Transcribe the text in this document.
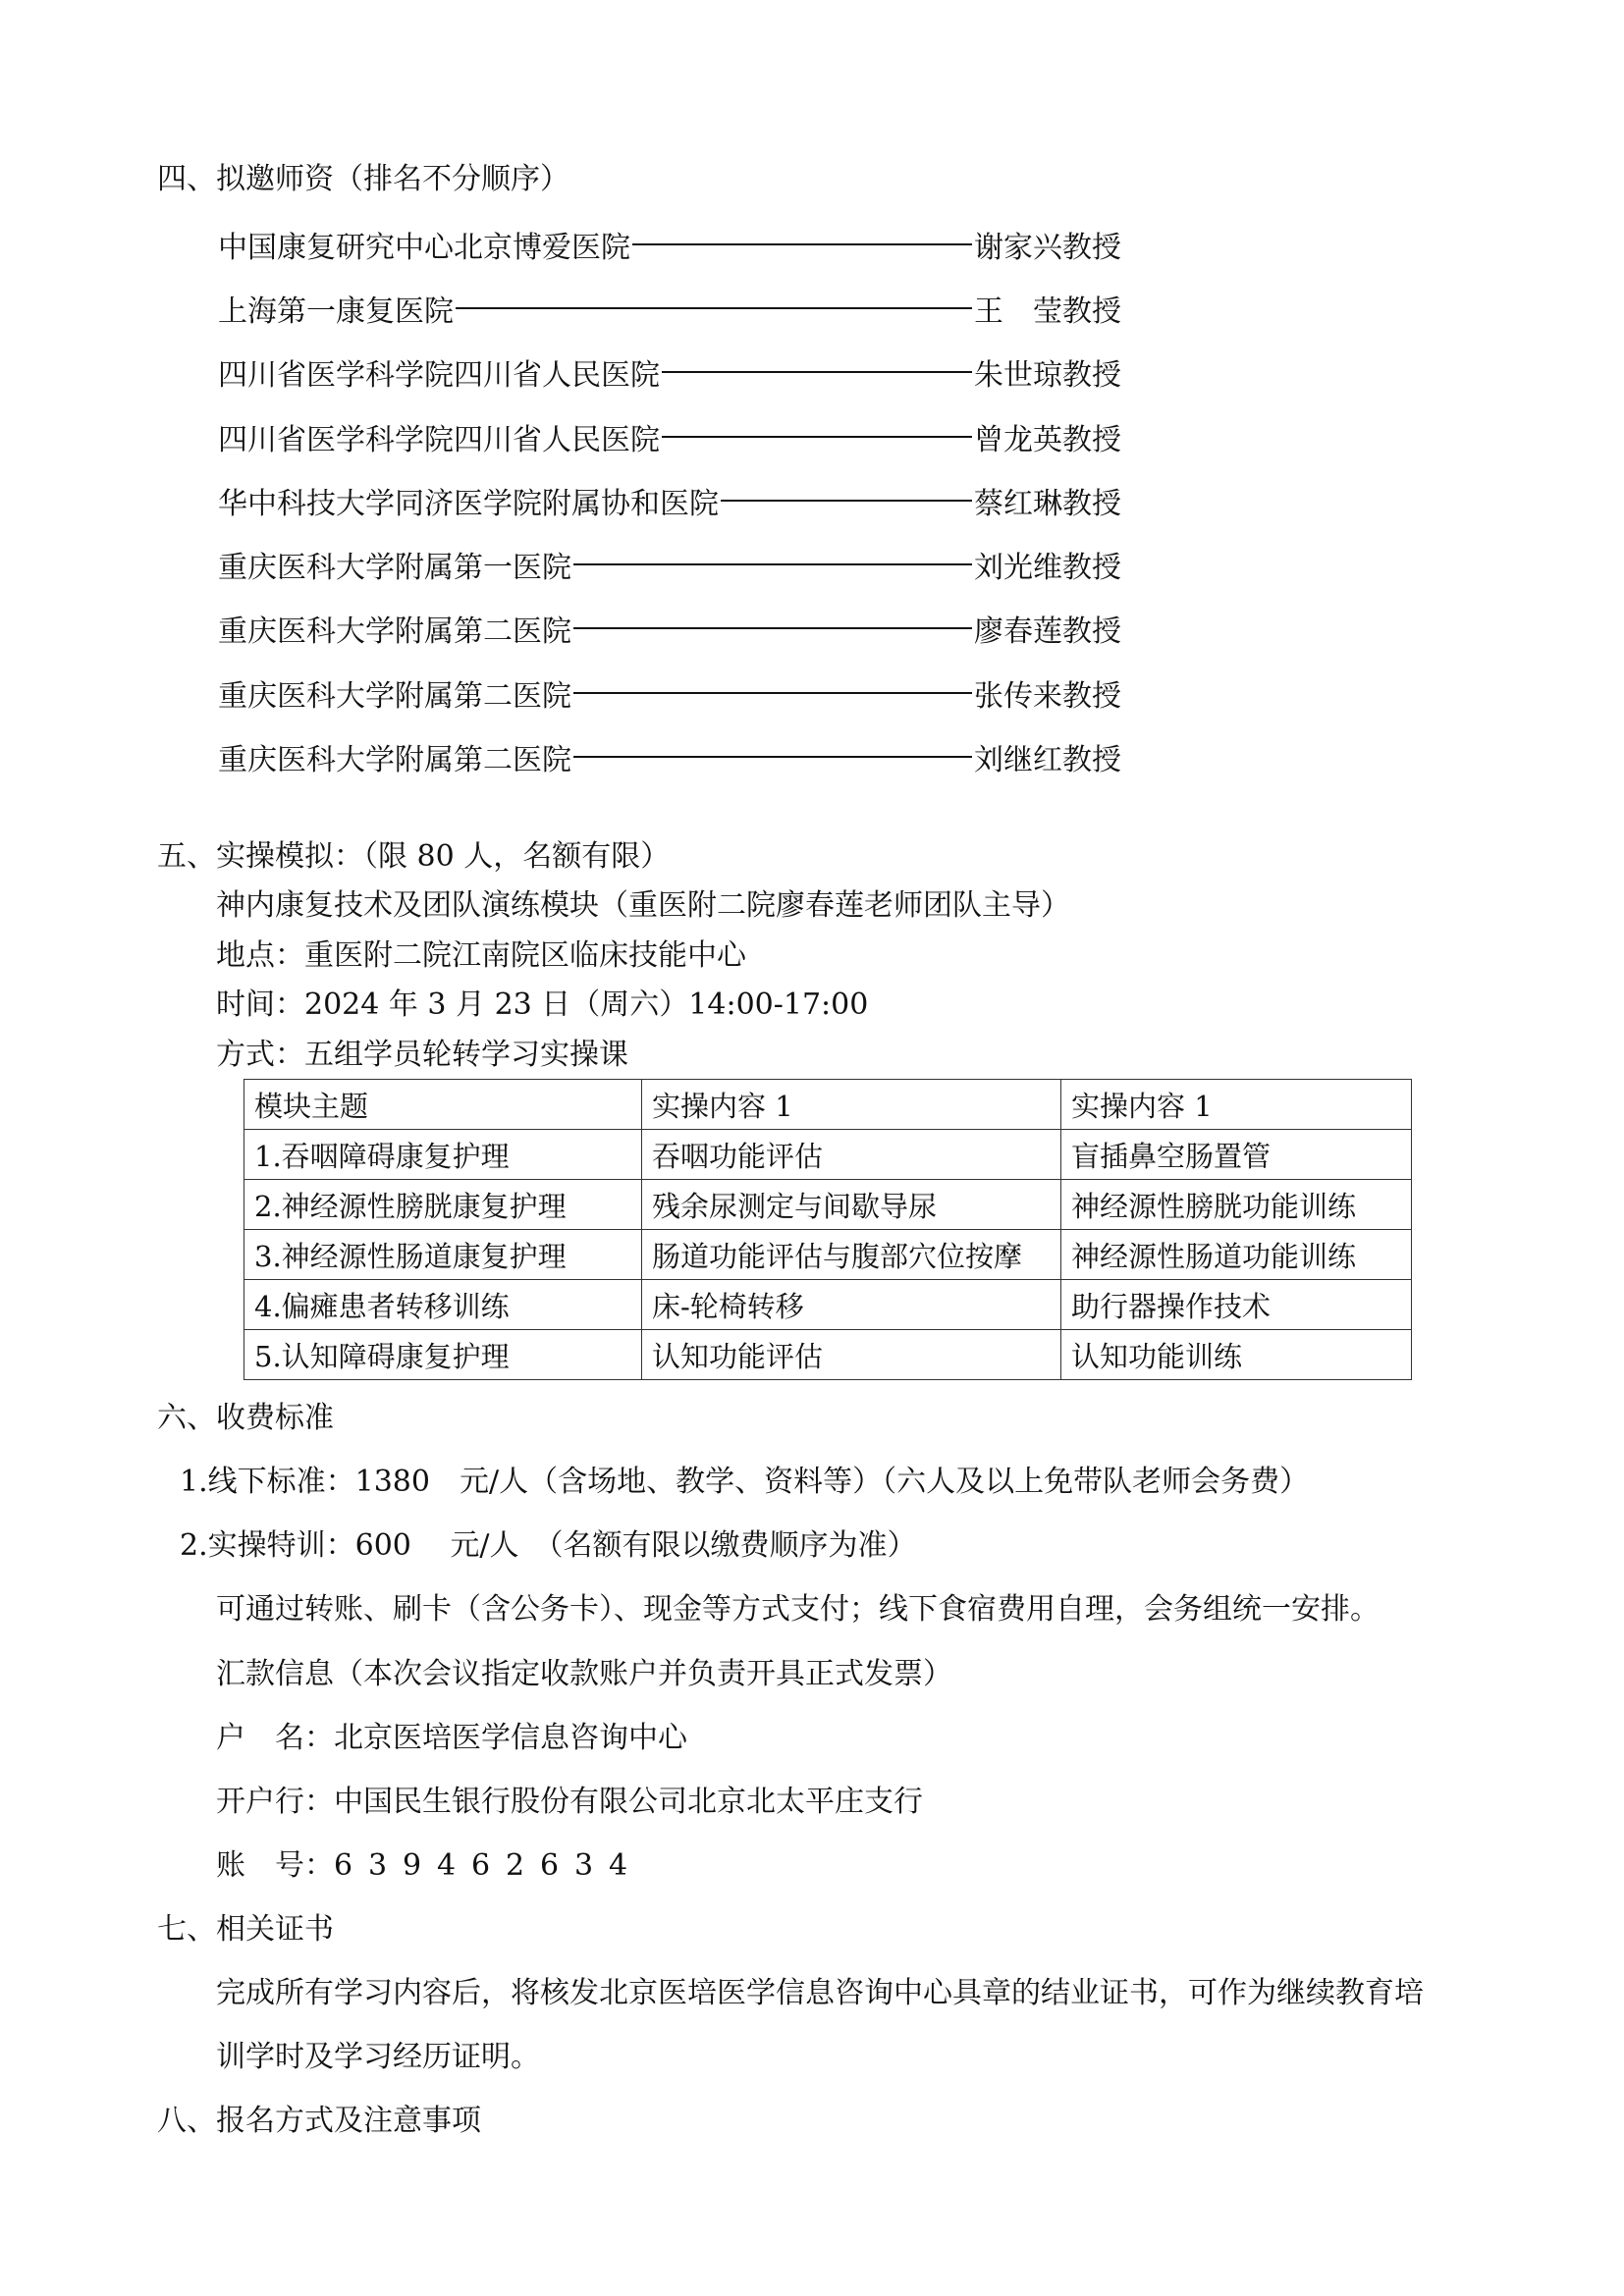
四、拟邀师资（排名不分顺序）
中国康复研究中心北京博爱医院	谢家兴教授
上海第一康复医院	王　莹教授
四川省医学科学院四川省人民医院	朱世琼教授
四川省医学科学院四川省人民医院	曾龙英教授
华中科技大学同济医学院附属协和医院	蔡红琳教授
重庆医科大学附属第一医院	刘光维教授
重庆医科大学附属第二医院	廖春莲教授
重庆医科大学附属第二医院	张传来教授
重庆医科大学附属第二医院	刘继红教授
五、实操模拟：（限 80 人，名额有限）
神内康复技术及团队演练模块（重医附二院廖春莲老师团队主导）
地点：重医附二院江南院区临床技能中心
时间：2024 年 3 月 23 日（周六）14:00-17:00
方式：五组学员轮转学习实操课
模块主题	实操内容 1	实操内容 1
1.吞咽障碍康复护理	吞咽功能评估	盲插鼻空肠置管
2.神经源性膀胱康复护理	残余尿测定与间歇导尿	神经源性膀胱功能训练
3.神经源性肠道康复护理	肠道功能评估与腹部穴位按摩	神经源性肠道功能训练
4.偏瘫患者转移训练	床-轮椅转移	助行器操作技术
5.认知障碍康复护理	认知功能评估	认知功能训练
六、收费标准
1.线下标准：1380　元/人（含场地、教学、资料等）（六人及以上免带队老师会务费）
2.实操特训：600　 元/人　（名额有限以缴费顺序为准）
可通过转账、刷卡（含公务卡）、现金等方式支付；线下食宿费用自理，会务组统一安排。
汇款信息（本次会议指定收款账户并负责开具正式发票）
户　名：北京医培医学信息咨询中心
开户行：中国民生银行股份有限公司北京北太平庄支行
账　号：6 3 9 4 6 2 6 3 4
七、相关证书
完成所有学习内容后，将核发北京医培医学信息咨询中心具章的结业证书，可作为继续教育培
训学时及学习经历证明。
八、报名方式及注意事项
